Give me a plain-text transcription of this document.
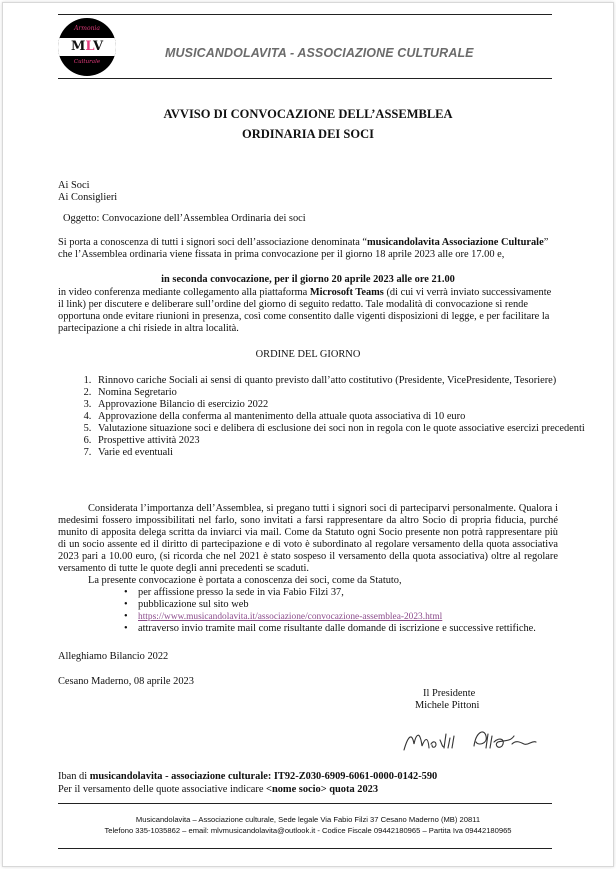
Armonia
MLV
Culturale
MUSICANDOLAVITA - ASSOCIAZIONE CULTURALE
AVVISO DI CONVOCAZIONE DELL’ASSEMBLEA
ORDINARIA DEI SOCI
Ai Soci
Ai Consiglieri
Oggetto: Convocazione dell’Assemblea Ordinaria dei soci

Si porta a conoscenza di tutti i signori soci dell’associazione denominata “musicandolavita Associazione Culturale” che l’Assemblea ordinaria viene fissata in prima convocazione per il giorno 18 aprile 2023 alle ore 17.00 e,

in seconda convocazione, per il giorno 20 aprile 2023 alle ore 21.00

in video conferenza mediante collegamento alla piattaforma Microsoft Teams (di cui vi verrà inviato successivamente il link) per discutere e deliberare sull’ordine del giorno di seguito redatto. Tale modalità di convocazione si rende opportuna onde evitare riunioni in presenza, così come consentito dalle vigenti disposizioni di legge, e per facilitare la partecipazione a chi risiede in altra località.

ORDINE DEL GIORNO
1. Rinnovo cariche Sociali ai sensi di quanto previsto dall’atto costitutivo (Presidente, VicePresidente, Tesoriere)
2. Nomina Segretario
3. Approvazione Bilancio di esercizio 2022
4. Approvazione della conferma al mantenimento della attuale quota associativa di 10 euro
5. Valutazione situazione soci e delibera di esclusione dei soci non in regola con le quote associative esercizi precedenti
6. Prospettive attività 2023
7. Varie ed eventuali

Considerata l’importanza dell’Assemblea, si pregano tutti i signori soci di parteciparvi personalmente. Qualora i medesimi fossero impossibilitati nel farlo, sono invitati a farsi rappresentare da altro Socio di propria fiducia, purché munito di apposita delega scritta da inviarci via mail. Come da Statuto ogni Socio presente non potrà rappresentare più di un socio assente ed il diritto di partecipazione e di voto è subordinato al regolare versamento della quota associativa 2023 pari a 10.00 euro, (si ricorda che nel 2021 è stato sospeso il versamento della quota associativa) oltre al regolare versamento di tutte le quote degli anni precedenti se scaduti.

La presente convocazione è portata a conoscenza dei soci, come da Statuto,
• per affissione presso la sede in via Fabio Filzi 37,
• pubblicazione sul sito web
• https://www.musicandolavita.it/associazione/convocazione-assemblea-2023.html
• attraverso invio tramite mail come risultante dalle domande di iscrizione e successive rettifiche.
Alleghiamo Bilancio 2022
Cesano Maderno, 08 aprile 2023
Il Presidente
Michele Pittoni
Iban di musicandolavita - associazione culturale: IT92-Z030-6909-6061-0000-0142-590
Per il versamento delle quote associative indicare <nome socio> quota 2023
Musicandolavita – Associazione culturale, Sede legale Via Fabio Filzi 37 Cesano Maderno (MB) 20811
Telefono 335-1035862 – email: mlvmusicandolavita@outlook.it - Codice Fiscale 09442180965 – Partita Iva 09442180965
